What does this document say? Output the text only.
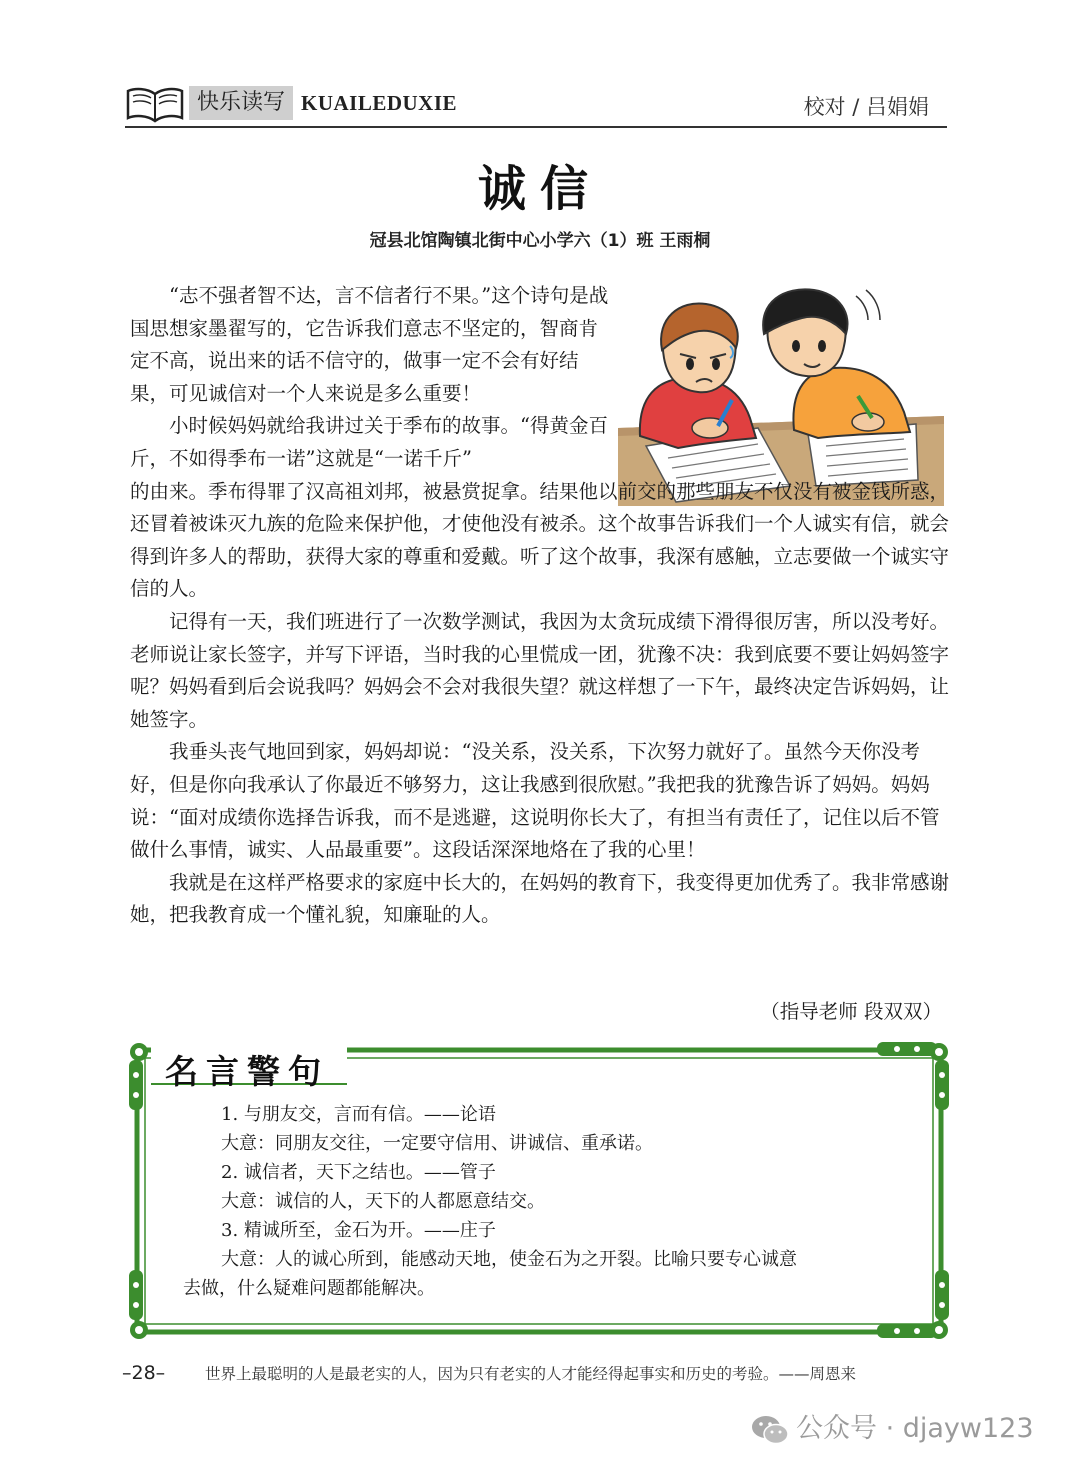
快乐读写 KUAILEDUXIE	校对 / 吕娟娟
诚信
冠县北馆陶镇北街中心小学六（1）班 王雨桐

“志不强者智不达，言不信者行不果。”这个诗句是战国思想家墨翟写的，它告诉我们意志不坚定的，智商肯定不高，说出来的话不信守的，做事一定不会有好结果，可见诚信对一个人来说是多么重要！

小时候妈妈就给我讲过关于季布的故事。“得黄金百斤，不如得季布一诺”这就是“一诺千斤”

的由来。季布得罪了汉高祖刘邦，被悬赏捉拿。结果他以前交的那些朋友不仅没有被金钱所惑，还冒着被诛灭九族的危险来保护他，才使他没有被杀。这个故事告诉我们一个人诚实有信，就会得到许多人的帮助，获得大家的尊重和爱戴。听了这个故事，我深有感触，立志要做一个诚实守信的人。

记得有一天，我们班进行了一次数学测试，我因为太贪玩成绩下滑得很厉害，所以没考好。老师说让家长签字，并写下评语，当时我的心里慌成一团，犹豫不决：我到底要不要让妈妈签字呢？妈妈看到后会说我吗？妈妈会不会对我很失望？就这样想了一下午，最终决定告诉妈妈，让她签字。

我垂头丧气地回到家，妈妈却说：“没关系，没关系，下次努力就好了。虽然今天你没考好，但是你向我承认了你最近不够努力，这让我感到很欣慰。”我把我的犹豫告诉了妈妈。妈妈说：“面对成绩你选择告诉我，而不是逃避，这说明你长大了，有担当有责任了，记住以后不管做什么事情，诚实、人品最重要”。这段话深深地烙在了我的心里！

我就是在这样严格要求的家庭中长大的，在妈妈的教育下，我变得更加优秀了。我非常感谢她，把我教育成一个懂礼貌，知廉耻的人。

（指导老师 段双双）
名言警句
1. 与朋友交，言而有信。——论语
大意：同朋友交往，一定要守信用、讲诚信、重承诺。
2. 诚信者，天下之结也。——管子
大意：诚信的人，天下的人都愿意结交。
3. 精诚所至，金石为开。——庄子
大意：人的诚心所到，能感动天地，使金石为之开裂。比喻只要专心诚意
去做，什么疑难问题都能解决。
–28–	世界上最聪明的人是最老实的人，因为只有老实的人才能经得起事实和历史的考验。——周恩来
公众号 · djayw123
